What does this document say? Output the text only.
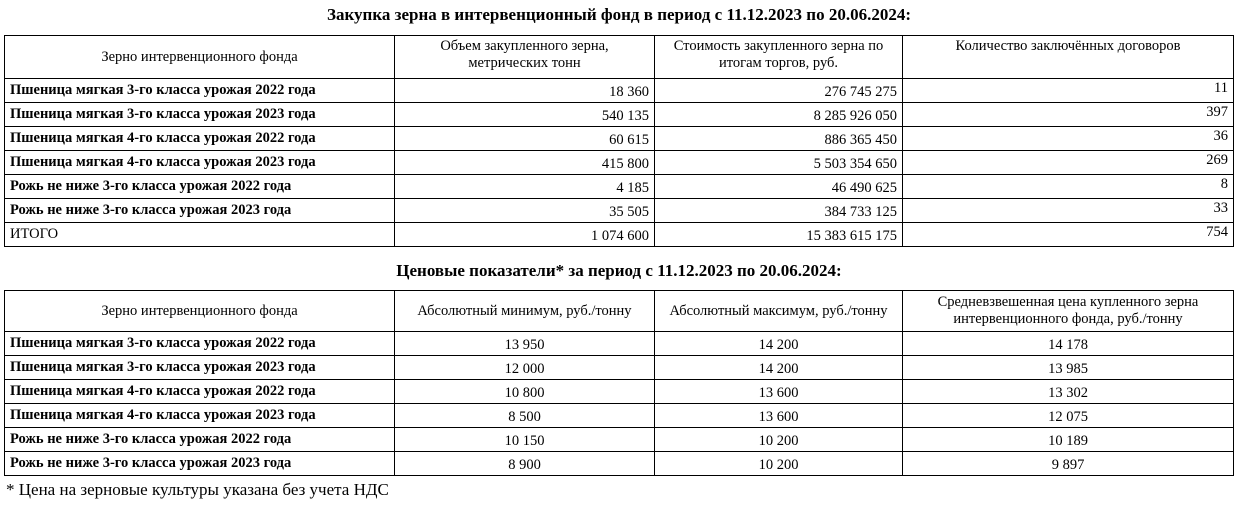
Закупка зерна в интервенционный фонд в период с 11.12.2023 по 20.06.2024:
Зерно интервенционного фонда	Объем закупленного зерна, метрических тонн	Стоимость закупленного зерна по итогам торгов, руб.	Количество заключённых договоров
Пшеница мягкая 3-го класса урожая 2022 года	18 360	276 745 275	11
Пшеница мягкая 3-го класса урожая 2023 года	540 135	8 285 926 050	397
Пшеница мягкая 4-го класса урожая 2022 года	60 615	886 365 450	36
Пшеница мягкая 4-го класса урожая 2023 года	415 800	5 503 354 650	269
Рожь не ниже 3-го класса урожая 2022 года	4 185	46 490 625	8
Рожь не ниже 3-го класса урожая 2023 года	35 505	384 733 125	33
ИТОГО	1 074 600	15 383 615 175	754
Ценовые показатели* за период с 11.12.2023 по 20.06.2024:
Зерно интервенционного фонда	Абсолютный минимум, руб./тонну	Абсолютный максимум, руб./тонну	Средневзвешенная цена купленного зерна интервенционного фонда, руб./тонну
Пшеница мягкая 3-го класса урожая 2022 года	13 950	14 200	14 178
Пшеница мягкая 3-го класса урожая 2023 года	12 000	14 200	13 985
Пшеница мягкая 4-го класса урожая 2022 года	10 800	13 600	13 302
Пшеница мягкая 4-го класса урожая 2023 года	8 500	13 600	12 075
Рожь не ниже 3-го класса урожая 2022 года	10 150	10 200	10 189
Рожь не ниже 3-го класса урожая 2023 года	8 900	10 200	9 897
* Цена на зерновые культуры указана без учета НДС
